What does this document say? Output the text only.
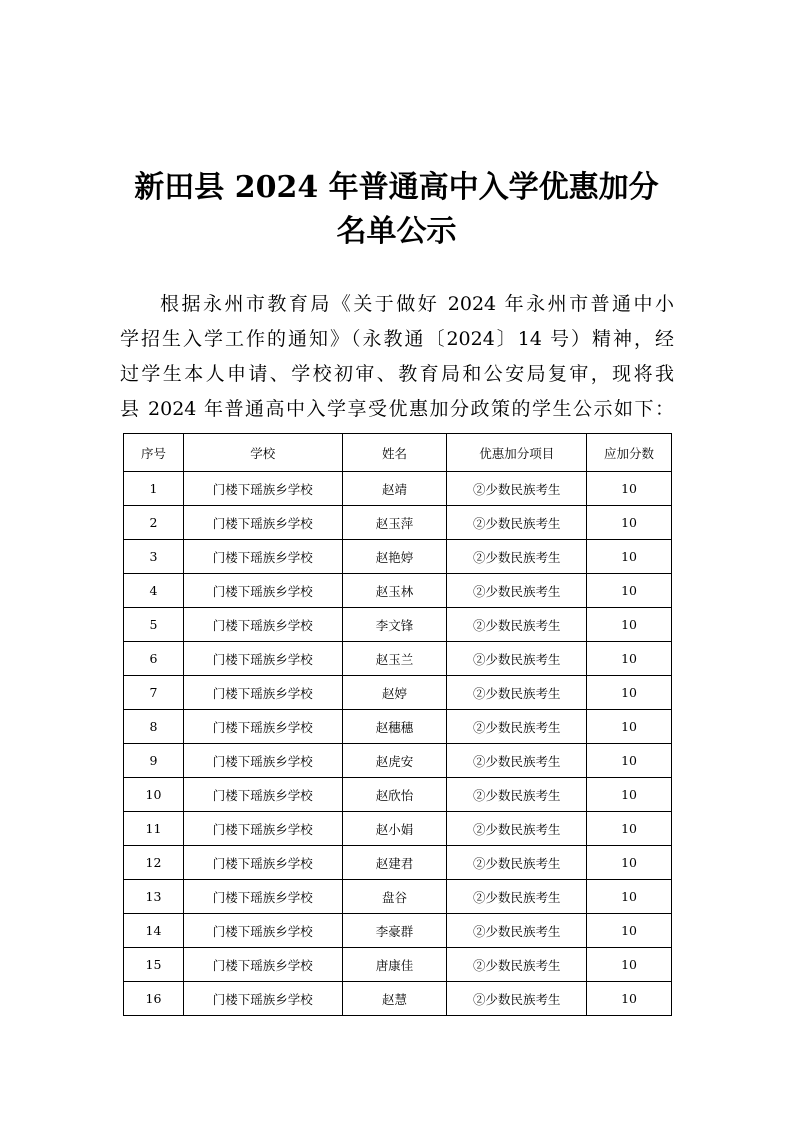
新田县 2024 年普通高中入学优惠加分
名单公示
根据永州市教育局《关于做好 2024 年永州市普通中小
学招生入学工作的通知》（永教通〔2024〕14 号）精神，经
过学生本人申请、学校初审、教育局和公安局复审，现将我
县 2024 年普通高中入学享受优惠加分政策的学生公示如下：
序号	学校	姓名	优惠加分项目	应加分数
1	门楼下瑶族乡学校	赵靖	②少数民族考生	10
2	门楼下瑶族乡学校	赵玉萍	②少数民族考生	10
3	门楼下瑶族乡学校	赵艳婷	②少数民族考生	10
4	门楼下瑶族乡学校	赵玉林	②少数民族考生	10
5	门楼下瑶族乡学校	李文锋	②少数民族考生	10
6	门楼下瑶族乡学校	赵玉兰	②少数民族考生	10
7	门楼下瑶族乡学校	赵婷	②少数民族考生	10
8	门楼下瑶族乡学校	赵穗穗	②少数民族考生	10
9	门楼下瑶族乡学校	赵虎安	②少数民族考生	10
10	门楼下瑶族乡学校	赵欣怡	②少数民族考生	10
11	门楼下瑶族乡学校	赵小娟	②少数民族考生	10
12	门楼下瑶族乡学校	赵建君	②少数民族考生	10
13	门楼下瑶族乡学校	盘谷	②少数民族考生	10
14	门楼下瑶族乡学校	李豪群	②少数民族考生	10
15	门楼下瑶族乡学校	唐康佳	②少数民族考生	10
16	门楼下瑶族乡学校	赵慧	②少数民族考生	10
